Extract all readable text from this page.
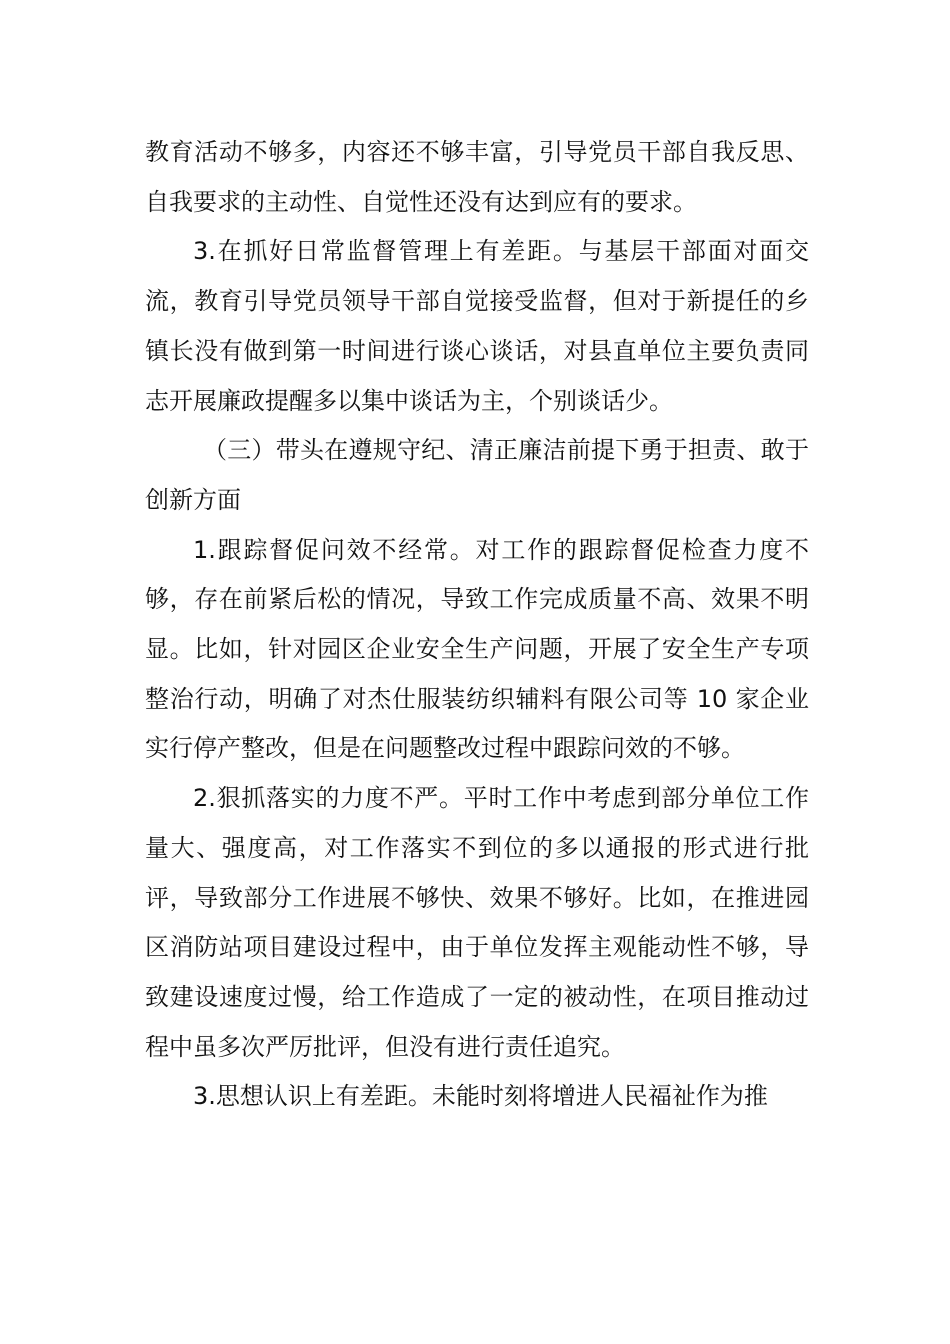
教育活动不够多，内容还不够丰富，引导党员干部自我反思、自我要求的主动性、自觉性还没有达到应有的要求。

3.在抓好日常监督管理上有差距。与基层干部面对面交流，教育引导党员领导干部自觉接受监督，但对于新提任的乡镇长没有做到第一时间进行谈心谈话，对县直单位主要负责同志开展廉政提醒多以集中谈话为主，个别谈话少。

（三）带头在遵规守纪、清正廉洁前提下勇于担责、敢于创新方面

1.跟踪督促问效不经常。对工作的跟踪督促检查力度不够，存在前紧后松的情况，导致工作完成质量不高、效果不明显。比如，针对园区企业安全生产问题，开展了安全生产专项整治行动，明确了对杰仕服装纺织辅料有限公司等 10 家企业实行停产整改，但是在问题整改过程中跟踪问效的不够。

2.狠抓落实的力度不严。平时工作中考虑到部分单位工作量大、强度高，对工作落实不到位的多以通报的形式进行批评，导致部分工作进展不够快、效果不够好。比如，在推进园区消防站项目建设过程中，由于单位发挥主观能动性不够，导致建设速度过慢，给工作造成了一定的被动性，在项目推动过程中虽多次严厉批评，但没有进行责任追究。

3.思想认识上有差距。未能时刻将增进人民福祉作为推
